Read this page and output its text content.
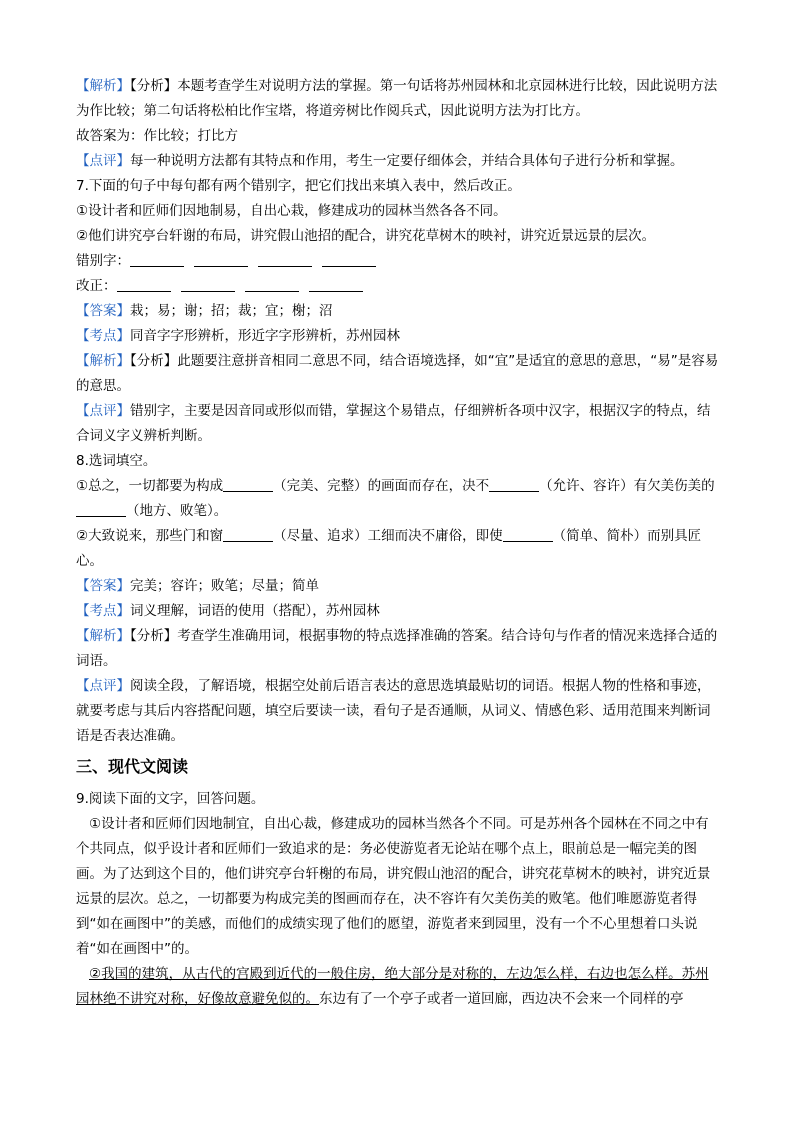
【解析】【分析】本题考查学生对说明方法的掌握。第一句话将苏州园林和北京园林进行比较，因此说明方法为作比较；第二句话将松柏比作宝塔，将道旁树比作阅兵式，因此说明方法为打比方。

故答案为：作比较；打比方

【点评】每一种说明方法都有其特点和作用，考生一定要仔细体会，并结合具体句子进行分析和掌握。

7.下面的句子中每句都有两个错别字，把它们找出来填入表中，然后改正。

①设计者和匠师们因地制易，自出心栽，修建成功的园林当然各各不同。

②他们讲究亭台轩谢的布局，讲究假山池招的配合，讲究花草树木的映衬，讲究近景远景的层次。

错别字：

改正：

【答案】栽；易；谢；招；裁；宜；榭；沼

【考点】同音字字形辨析，形近字字形辨析，苏州园林

【解析】【分析】此题要注意拼音相同二意思不同，结合语境选择，如“宜”是适宜的意思的意思，“易”是容易的意思。

【点评】错别字，主要是因音同或形似而错，掌握这个易错点，仔细辨析各项中汉字，根据汉字的特点，结合词义字义辨析判断。

8.选词填空。

①总之，一切都要为构成	（完美、完整）的画面而存在，决不	（允许、容许）有欠美伤美的（地方、败笔）。

②大致说来，那些门和窗	（尽量、追求）工细而决不庸俗，即使	（简单、简朴）而别具匠心。

【答案】完美；容许；败笔；尽量；简单

【考点】词义理解，词语的使用（搭配），苏州园林

【解析】【分析】考查学生准确用词，根据事物的特点选择准确的答案。结合诗句与作者的情况来选择合适的词语。

【点评】阅读全段，了解语境，根据空处前后语言表达的意思选填最贴切的词语。根据人物的性格和事迹，就要考虑与其后内容搭配问题，填空后要读一读，看句子是否通顺，从词义、情感色彩、适用范围来判断词语是否表达准确。

三、现代文阅读

9.阅读下面的文字，回答问题。

①设计者和匠师们因地制宜，自出心裁，修建成功的园林当然各个不同。可是苏州各个园林在不同之中有个共同点，似乎设计者和匠师们一致追求的是：务必使游览者无论站在哪个点上，眼前总是一幅完美的图画。为了达到这个目的，他们讲究亭台轩榭的布局，讲究假山池沼的配合，讲究花草树木的映衬，讲究近景远景的层次。总之，一切都要为构成完美的图画而存在，决不容许有欠美伤美的败笔。他们唯愿游览者得到“如在画图中”的美感，而他们的成绩实现了他们的愿望，游览者来到园里，没有一个不心里想着口头说着“如在画图中”的。

②我国的建筑，从古代的宫殿到近代的一般住房，绝大部分是对称的，左边怎么样，右边也怎么样。苏州园林绝不讲究对称，好像故意避免似的。东边有了一个亭子或者一道回廊，西边决不会来一个同样的亭
